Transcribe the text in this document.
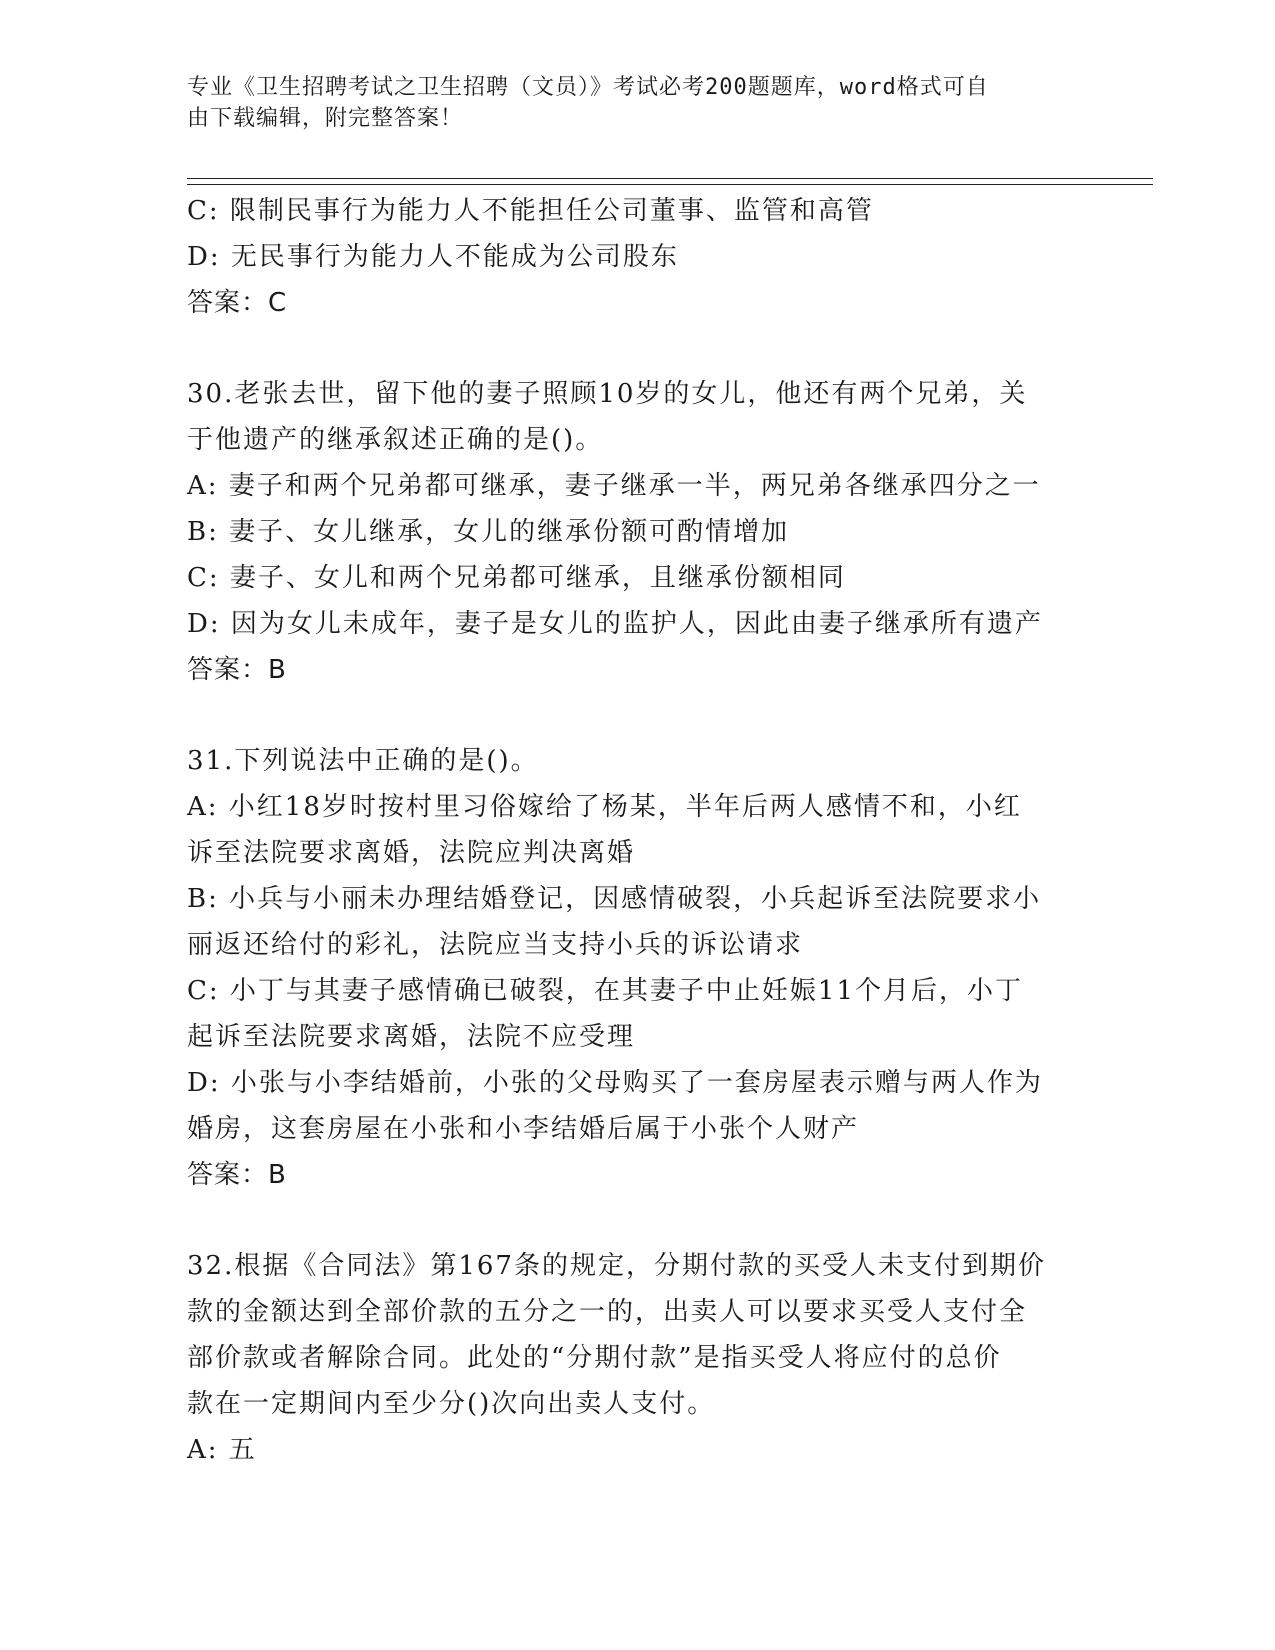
专业《卫生招聘考试之卫生招聘（文员）》考试必考200题题库，word格式可自
由下载编辑，附完整答案！
C: 限制民事行为能力人不能担任公司董事、监管和高管
D: 无民事行为能力人不能成为公司股东
答案：C
30.老张去世，留下他的妻子照顾10岁的女儿，他还有两个兄弟，关
于他遗产的继承叙述正确的是()。
A: 妻子和两个兄弟都可继承，妻子继承一半，两兄弟各继承四分之一
B: 妻子、女儿继承，女儿的继承份额可酌情增加
C: 妻子、女儿和两个兄弟都可继承，且继承份额相同
D: 因为女儿未成年，妻子是女儿的监护人，因此由妻子继承所有遗产
答案：B
31.下列说法中正确的是()。
A: 小红18岁时按村里习俗嫁给了杨某，半年后两人感情不和，小红
诉至法院要求离婚，法院应判决离婚
B: 小兵与小丽未办理结婚登记，因感情破裂，小兵起诉至法院要求小
丽返还给付的彩礼，法院应当支持小兵的诉讼请求
C: 小丁与其妻子感情确已破裂，在其妻子中止妊娠11个月后，小丁
起诉至法院要求离婚，法院不应受理
D: 小张与小李结婚前，小张的父母购买了一套房屋表示赠与两人作为
婚房，这套房屋在小张和小李结婚后属于小张个人财产
答案：B
32.根据《合同法》第167条的规定，分期付款的买受人未支付到期价
款的金额达到全部价款的五分之一的，出卖人可以要求买受人支付全
部价款或者解除合同。此处的“分期付款”是指买受人将应付的总价
款在一定期间内至少分()次向出卖人支付。
A: 五
